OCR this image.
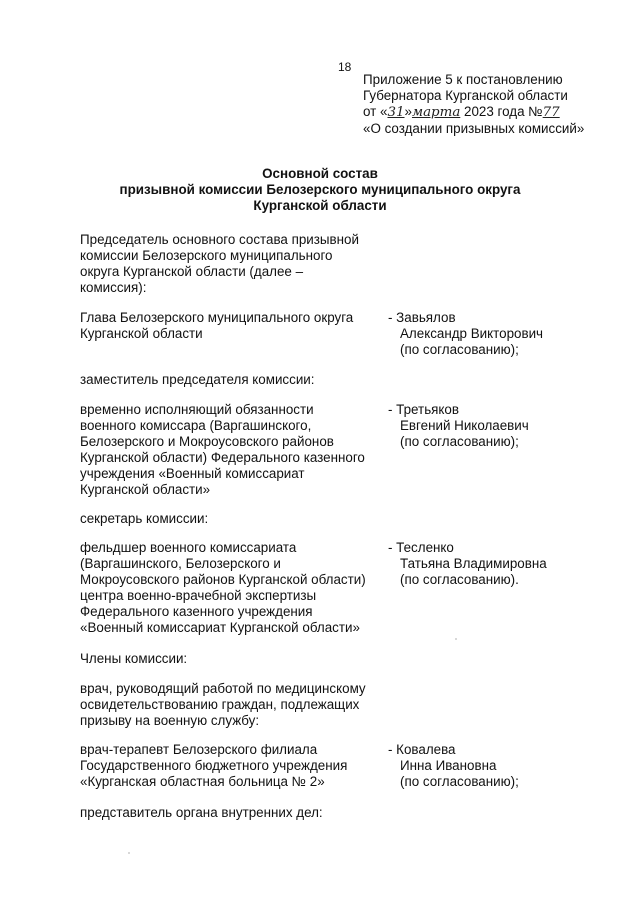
18
Приложение 5 к постановлению
Губернатора Курганской области
от «31»марта 2023 года №77
«О создании призывных комиссий»
Основной состав
призывной комиссии Белозерского муниципального округа
Курганской области
Председатель основного состава призывной
комиссии Белозерского муниципального
округа Курганской области (далее –
комиссия):
Глава Белозерского муниципального округа
Курганской области
- Завьялов
Александр Викторович
(по согласованию);
заместитель председателя комиссии:
временно исполняющий обязанности
военного комиссара (Варгашинского,
Белозерского и Мокроусовского районов
Курганской области) Федерального казенного
учреждения «Военный комиссариат
Курганской области»
- Третьяков
Евгений Николаевич
(по согласованию);
секретарь комиссии:
фельдшер военного комиссариата
(Варгашинского, Белозерского и
Мокроусовского районов Курганской области)
центра военно-врачебной экспертизы
Федерального казенного учреждения
«Военный комиссариат Курганской области»
- Тесленко
Татьяна Владимировна
(по согласованию).
Члены комиссии:
врач, руководящий работой по медицинскому
освидетельствованию граждан, подлежащих
призыву на военную службу:
врач-терапевт Белозерского филиала
Государственного бюджетного учреждения
«Курганская областная больница № 2»
- Ковалева
Инна Ивановна
(по согласованию);
представитель органа внутренних дел:
